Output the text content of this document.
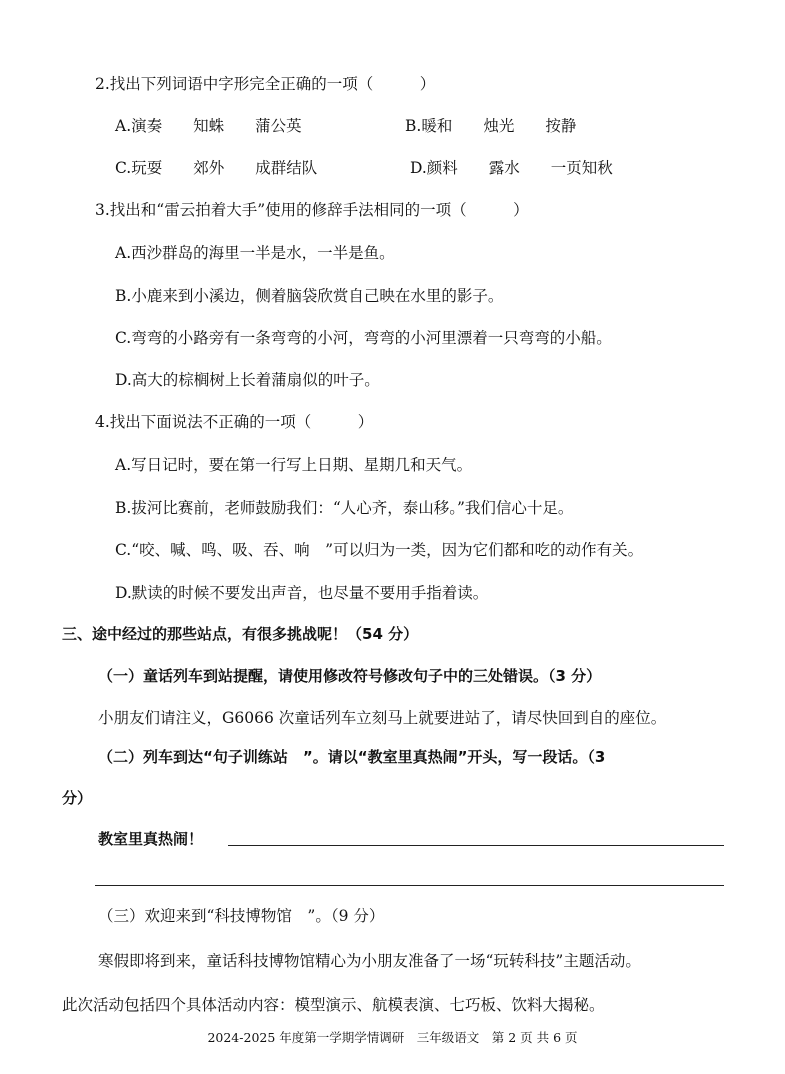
2.找出下列词语中字形完全正确的一项（　　　）
A.演奏　　知蛛　　蒲公英	B.暖和　　烛光　　按静
C.玩耍　　郊外　　成群结队	D.颜料　　露水　　一页知秋
3.找出和“雷云拍着大手”使用的修辞手法相同的一项（　　　）
A.西沙群岛的海里一半是水，一半是鱼。
B.小鹿来到小溪边，侧着脑袋欣赏自己映在水里的影子。
C.弯弯的小路旁有一条弯弯的小河，弯弯的小河里漂着一只弯弯的小船。
D.高大的棕榈树上长着蒲扇似的叶子。
4.找出下面说法不正确的一项（　　　）
A.写日记时，要在第一行写上日期、星期几和天气。
B.拔河比赛前，老师鼓励我们：“人心齐，泰山移。”我们信心十足。
C.“咬、喊、鸣、吸、吞、响　”可以归为一类，因为它们都和吃的动作有关。
D.默读的时候不要发出声音，也尽量不要用手指着读。
三、途中经过的那些站点，有很多挑战呢！（54 分）
（一）童话列车到站提醒，请使用修改符号修改句子中的三处错误。（3 分）
小朋友们请注义，G6066 次童话列车立刻马上就要进站了，请尽快回到自的座位。
（二）列车到达“句子训练站　”。请以“教室里真热闹”开头，写一段话。（3
分）
教室里真热闹！
（三）欢迎来到“科技博物馆　”。（9 分）
寒假即将到来，童话科技博物馆精心为小朋友准备了一场“玩转科技”主题活动。
此次活动包括四个具体活动内容：模型演示、航模表演、七巧板、饮料大揭秘。
2024-2025 年度第一学期学情调研　三年级语文　第 2 页 共 6 页
